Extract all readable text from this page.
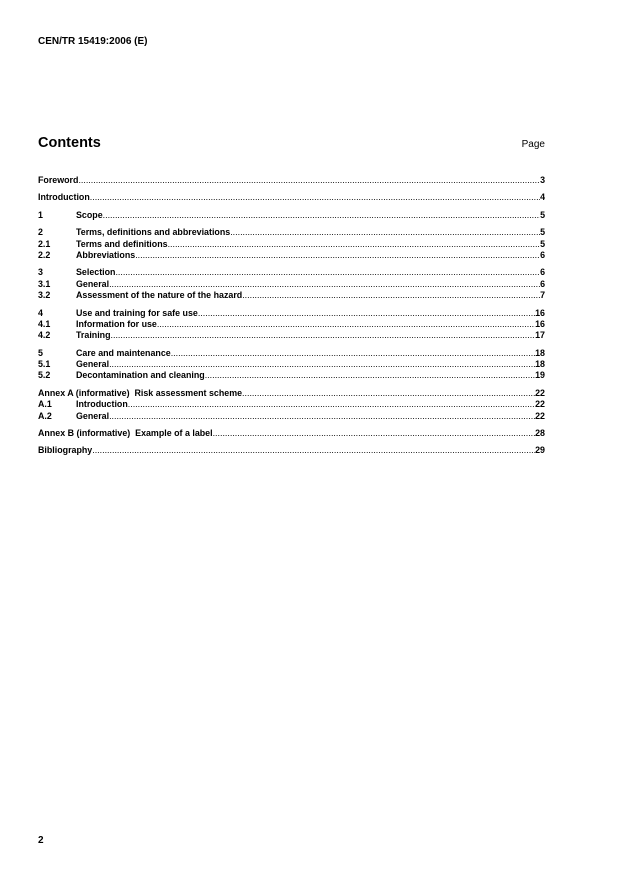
CEN/TR 15419:2006 (E)
Contents	Page
Foreword .....	3
Introduction .....	4
1	Scope .....	5
2	Terms, definitions and abbreviations .....	5
2.1	Terms and definitions .....	5
2.2	Abbreviations .....	6
3	Selection .....	6
3.1	General .....	6
3.2	Assessment of the nature of the hazard .....	7
4	Use and training for safe use .....	16
4.1	Information for use .....	16
4.2	Training .....	17
5	Care and maintenance .....	18
5.1	General .....	18
5.2	Decontamination and cleaning .....	19
Annex A (informative)  Risk assessment scheme .....	22
A.1	Introduction .....	22
A.2	General .....	22
Annex B (informative)  Example of a label .....	28
Bibliography .....	29
2
